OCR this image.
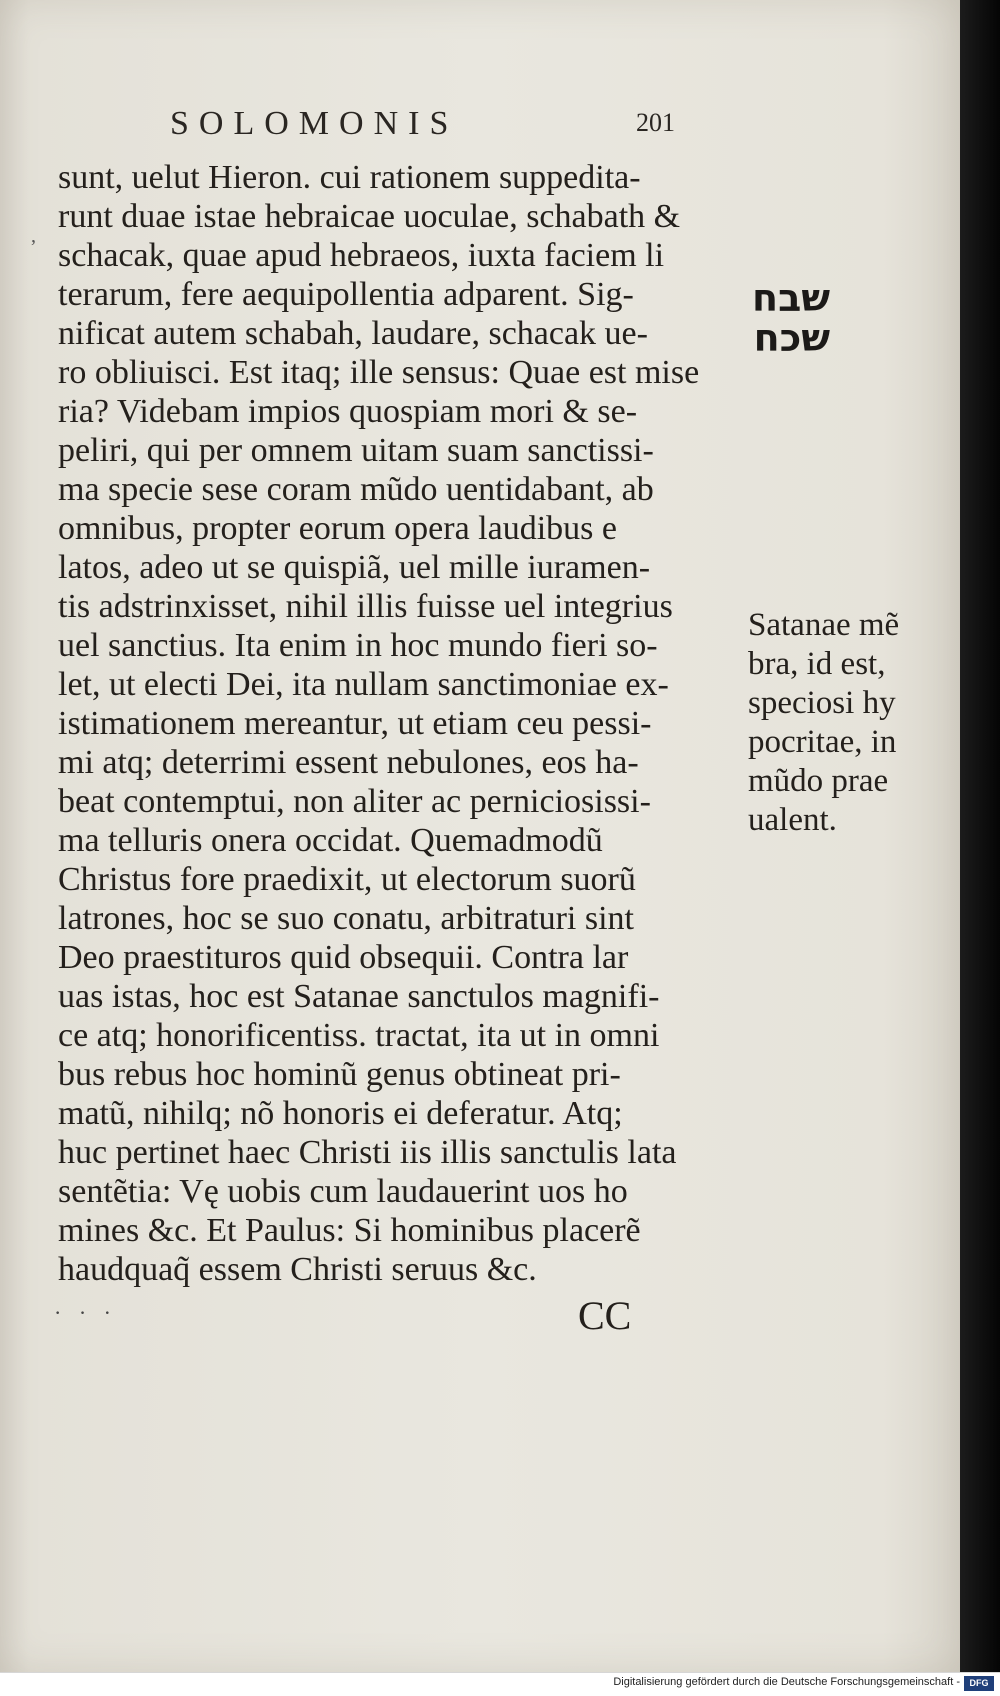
SOLOMONIS	201
’
sunt, uelut Hieron. cui rationem suppedita-
runt duae istae hebraicae uoculae, schabath &
schacak, quae apud hebraeos, iuxta faciem li
terarum, fere aequipollentia adparent. Sig-
nificat autem schabah, laudare, schacak ue-
ro obliuisci. Est itaq; ille sensus: Quae est mise
ria? Videbam impios quospiam mori & se-
peliri, qui per omnem uitam suam sanctissi-
ma specie sese coram mũdo uentidabant, ab
omnibus, propter eorum opera laudibus e
latos, adeo ut se quispiã, uel mille iuramen-
tis adstrinxisset, nihil illis fuisse uel integrius
uel sanctius. Ita enim in hoc mundo fieri so-
let, ut electi Dei, ita nullam sanctimoniae ex-
istimationem mereantur, ut etiam ceu pessi-
mi atq; deterrimi essent nebulones, eos ha-
beat contemptui, non aliter ac perniciosissi-
ma telluris onera occidat. Quemadmodũ
Christus fore praedixit, ut electorum suorũ
latrones, hoc se suo conatu, arbitraturi sint
Deo praestituros quid obsequii. Contra lar
uas istas, hoc est Satanae sanctulos magnifi-
ce atq; honorificentiss. tractat, ita ut in omni
bus rebus hoc hominũ genus obtineat pri-
matũ, nihilq; nõ honoris ei deferatur. Atq;
huc pertinet haec Christi iis illis sanctulis lata
sentẽtia: Vę uobis cum laudauerint uos ho
mines &c. Et Paulus: Si hominibus placerẽ
haudquaq̃ essem Christi seruus &c.
· · ·	CC
שבח
שכח
Satanae mẽ
bra, id est,
speciosi hy
pocritae, in
mũdo prae
ualent.
Digitalisierung gefördert durch die Deutsche Forschungsgemeinschaft -	DFG
